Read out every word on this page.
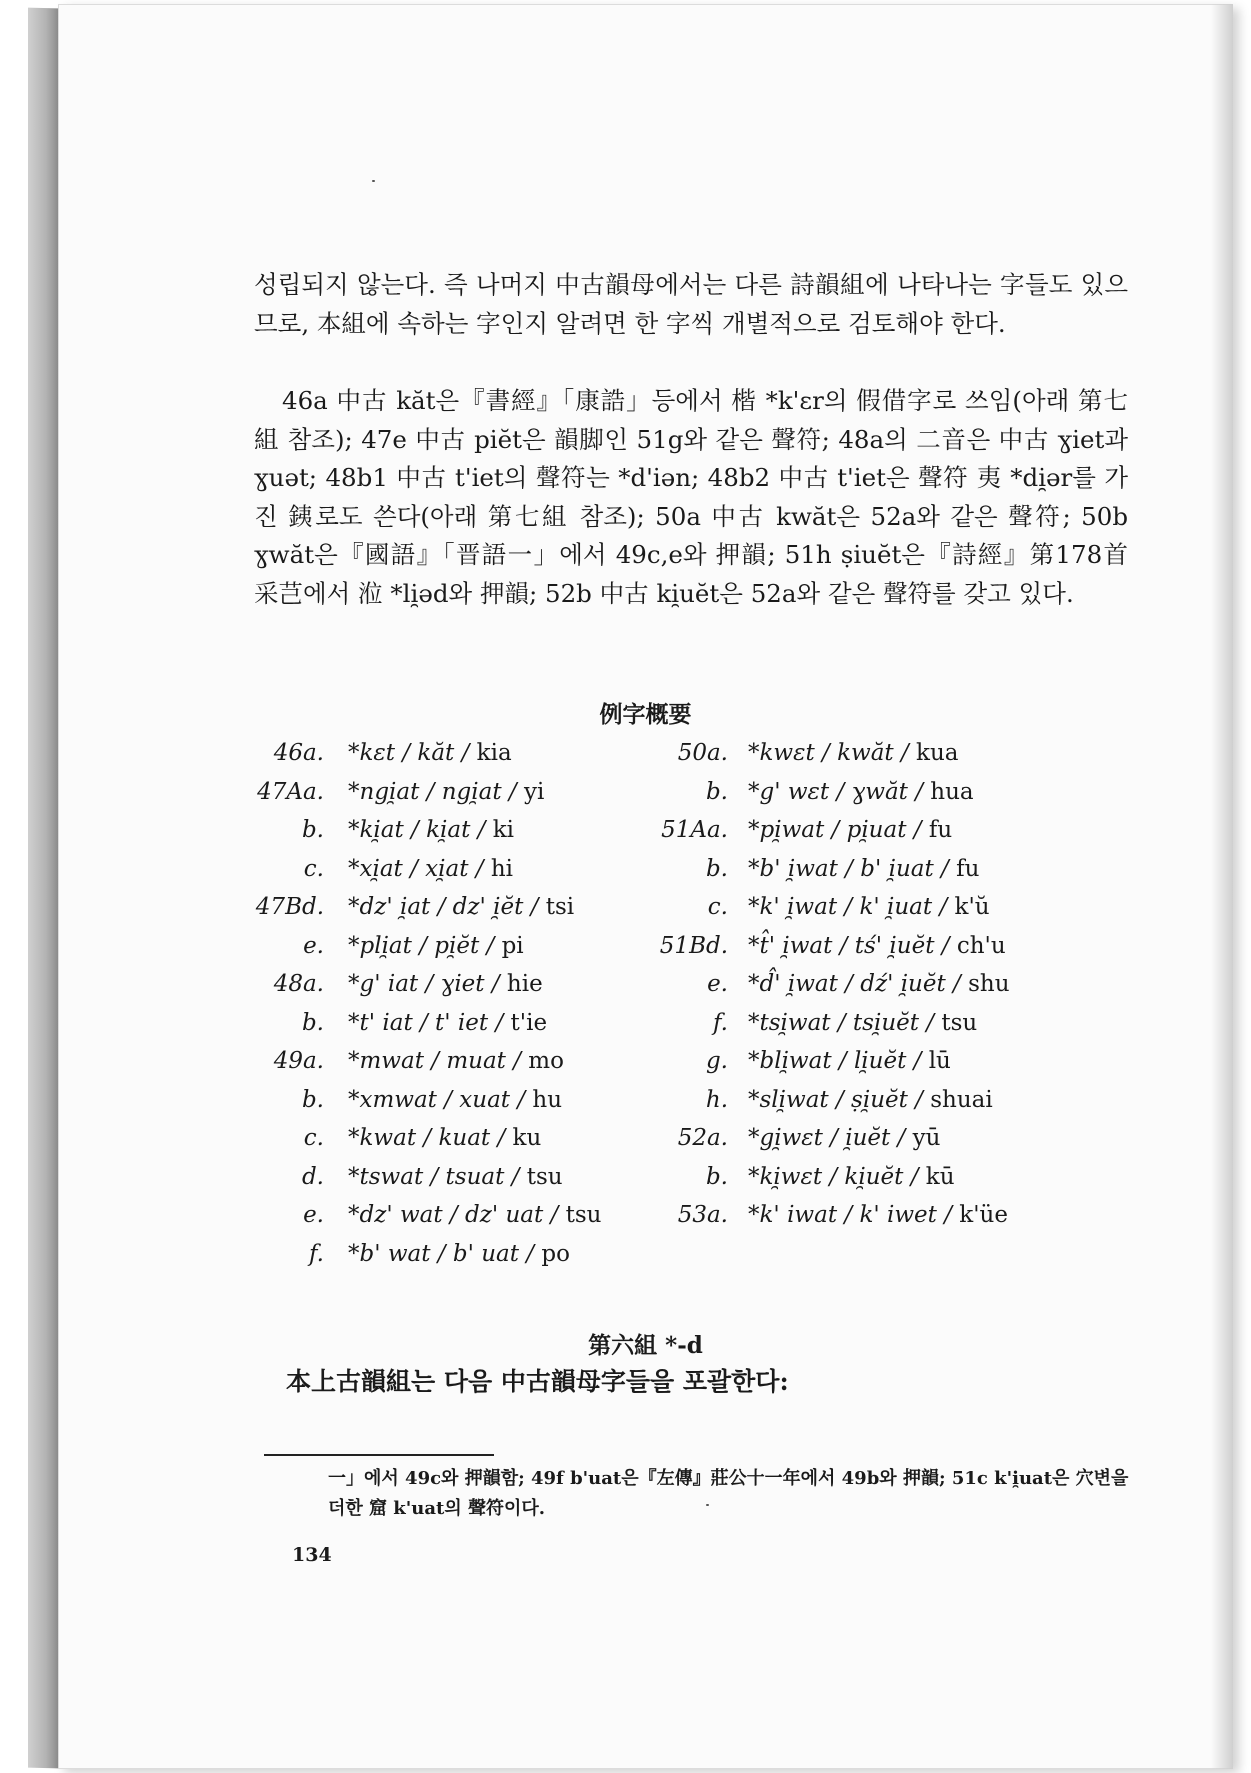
성립되지 않는다. 즉 나머지 中古韻母에서는 다른 詩韻組에 나타나는 字들도 있으므로, 本組에 속하는 字인지 알려면 한 字씩 개별적으로 검토해야 한다.

46a 中古 kăt은『書經』「康誥」등에서 楷 *k'ɛr의 假借字로 쓰임(아래 第七組 참조); 47e 中古 piĕt은 韻脚인 51g와 같은 聲符; 48a의 二音은 中古 ɣiet과 ɣuət; 48b1 中古 t'iet의 聲符는 *d'iən; 48b2 中古 t'iet은 聲符 夷 *di̯ər를 가진 銕로도 쓴다(아래 第七組 참조); 50a 中古 kwăt은 52a와 같은 聲符; 50b ɣwăt은『國語』「晋語一」에서 49c,e와 押韻; 51h ṣiuĕt은『詩經』第178首 采芑에서 涖 *li̯əd와 押韻; 52b 中古 ki̯uĕt은 52a와 같은 聲符를 갖고 있다.

例字概要
46a. *kɛt / kăt / kia
47Aa. *ngi̯at / ngi̯at / yi
b. *ki̯at / ki̯at / ki
c. *xi̯at / xi̯at / hi
47Bd. *dz' i̯at / dz' i̯ĕt / tsi
e. *pli̯at / pi̯ĕt / pi
48a. *g' iat / ɣiet / hie
b. *t' iat / t' iet / t'ie
49a. *mwat / muat / mo
b. *xmwat / xuat / hu
c. *kwat / kuat / ku
d. *tswat / tsuat / tsu
e. *dz' wat / dz' uat / tsu
f. *b' wat / b' uat / po
50a. *kwɛt / kwăt / kua
b. *g' wɛt / ɣwăt / hua
51Aa. *pi̯wat / pi̯uat / fu
b. *b' i̯wat / b' i̯uat / fu
c. *k' i̯wat / k' i̯uat / k'ŭ
51Bd. *t̂' i̯wat / tś' i̯uĕt / ch'u
e. *d̂' i̯wat / dź' i̯uĕt / shu
f. *tsi̯wat / tsi̯uĕt / tsu
g. *bli̯wat / li̯uĕt / lū
h. *sli̯wat / ṣi̯uĕt / shuai
52a. *gi̯wɛt / i̯uĕt / yū
b. *ki̯wɛt / ki̯uĕt / kū
53a. *k' iwat / k' iwet / k'üe
第六組 *-d

本上古韻組는 다음 中古韻母字들을 포괄한다:

一」에서 49c와 押韻함; 49f b'uat은『左傳』莊公十一年에서 49b와 押韻; 51c k'i̯uat은 穴변을 더한 窟 k'uat의 聲符이다.

134
